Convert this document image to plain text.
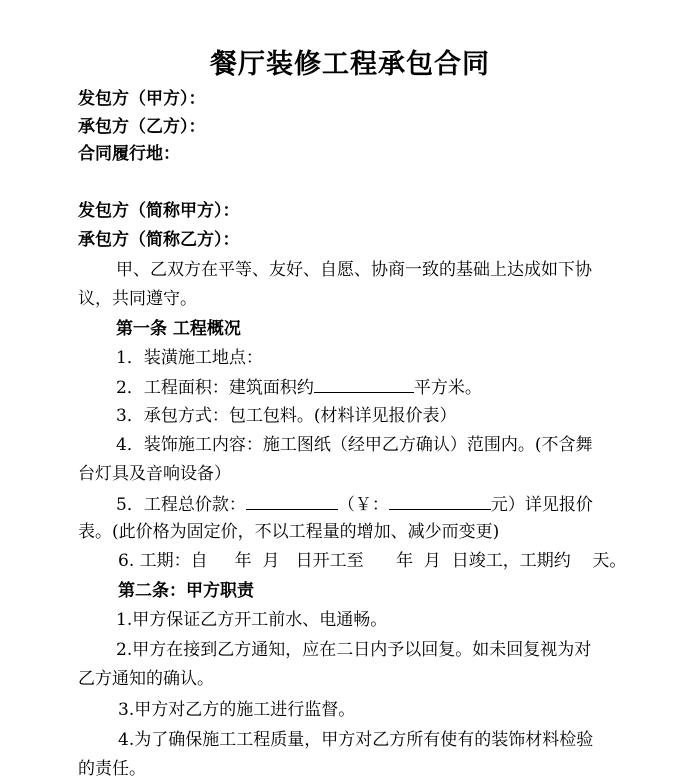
餐厅装修工程承包合同
发包方（甲方）：
承包方（乙方）：
合同履行地：
发包方（简称甲方）：
承包方（简称乙方）：
甲、乙双方在平等、友好、自愿、协商一致的基础上达成如下协
议，共同遵守。
第一条 工程概况
1．装潢施工地点：
2．工程面积：建筑面积约	平方米。
3．承包方式：包工包料。(材料详见报价表）
4．装饰施工内容：施工图纸（经甲乙方确认）范围内。(不含舞
台灯具及音响设备）
5．工程总价款：	（￥：	元）详见报价
表。(此价格为固定价，不以工程量的增加、减少而变更)
6. 工期：自     年  月   日开工至      年  月  日竣工，工期约    天。
第二条：甲方职责
1.甲方保证乙方开工前水、电通畅。
2.甲方在接到乙方通知，应在二日内予以回复。如未回复视为对
乙方通知的确认。
3.甲方对乙方的施工进行监督。
4.为了确保施工工程质量，甲方对乙方所有使有的装饰材料检验
的责任。
